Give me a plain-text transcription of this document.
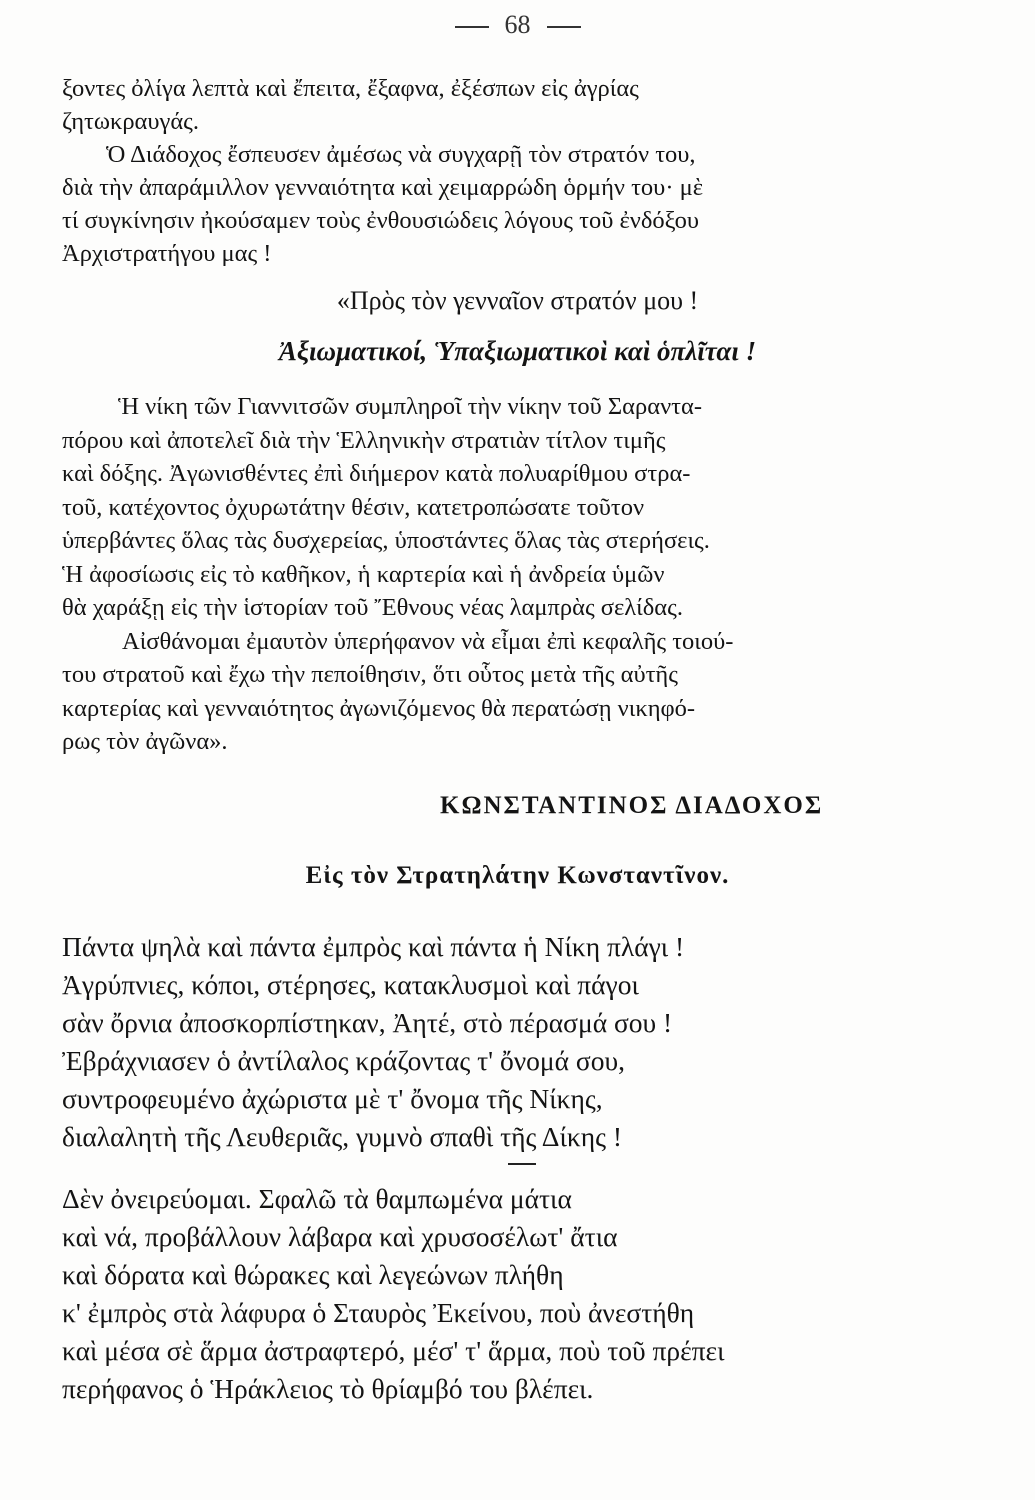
68

ξοντες ὀλίγα λεπτὰ καὶ ἔπειτα, ἔξαφνα, ἐξέσπων εἰς ἀγρίας
ζητωκραυγάς.

Ὁ Διάδοχος ἔσπευσεν ἀμέσως νὰ συγχαρῇ τὸν στρατόν του,
διὰ τὴν ἀπαράμιλλον γενναιότητα καὶ χειμαρρώδη ὁρμήν του· μὲ
τί συγκίνησιν ἠκούσαμεν τοὺς ἐνθουσιώδεις λόγους τοῦ ἐνδόξου
Ἀρχιστρατήγου μας !

«Πρὸς τὸν γενναῖον στρατόν μου !
Ἀξιωματικοί, Ὑπαξιωματικοὶ καὶ ὁπλῖται !
Ἡ νίκη τῶν Γιαννιτσῶν συμπληροῖ τὴν νίκην τοῦ Σαραντα-
πόρου καὶ ἀποτελεῖ διὰ τὴν Ἑλληνικὴν στρατιὰν τίτλον τιμῆς
καὶ δόξης. Ἀγωνισθέντες ἐπὶ διήμερον κατὰ πολυαρίθμου στρα-
τοῦ, κατέχοντος ὀχυρωτάτην θέσιν, κατετροπώσατε τοῦτον
ὑπερβάντες ὅλας τὰς δυσχερείας, ὑποστάντες ὅλας τὰς στερήσεις.
Ἡ ἀφοσίωσις εἰς τὸ καθῆκον, ἡ καρτερία καὶ ἡ ἀνδρεία ὑμῶν
θὰ χαράξῃ εἰς τὴν ἱστορίαν τοῦ Ἔθνους νέας λαμπρὰς σελίδας.
Αἰσθάνομαι ἐμαυτὸν ὑπερήφανον νὰ εἶμαι ἐπὶ κεφαλῆς τοιού-
του στρατοῦ καὶ ἔχω τὴν πεποίθησιν, ὅτι οὗτος μετὰ τῆς αὐτῆς
καρτερίας καὶ γενναιότητος ἀγωνιζόμενος θὰ περατώσῃ νικηφό-
ρως τὸν ἀγῶνα».
ΚΩΝΣΤΑΝΤΙΝΟΣ ΔΙΑΔΟΧΟΣ
Εἰς τὸν Στρατηλάτην Κωνσταντῖνον.
Πάντα ψηλὰ καὶ πάντα ἐμπρὸς καὶ πάντα ἡ Νίκη πλάγι !
Ἀγρύπνιες, κόποι, στέρησες, κατακλυσμοὶ καὶ πάγοι
σὰν ὄρνια ἀποσκορπίστηκαν, Ἀητέ, στὸ πέρασμά σου !
Ἐβράχνιασεν ὁ ἀντίλαλος κράζοντας τ' ὄνομά σου,
συντροφευμένο ἀχώριστα μὲ τ' ὄνομα τῆς Νίκης,
διαλαλητὴ τῆς Λευθεριᾶς, γυμνὸ σπαθὶ τῆς Δίκης !
Δὲν ὀνειρεύομαι. Σφαλῶ τὰ θαμπωμένα μάτια
καὶ νά, προβάλλουν λάβαρα καὶ χρυσοσέλωτ' ἄτια
καὶ δόρατα καὶ θώρακες καὶ λεγεώνων πλήθη
κ' ἐμπρὸς στὰ λάφυρα ὁ Σταυρὸς Ἐκείνου, ποὺ ἀνεστήθη
καὶ μέσα σὲ ἅρμα ἀστραφτερό, μέσ' τ' ἅρμα, ποὺ τοῦ πρέπει
περήφανος ὁ Ἡράκλειος τὸ θρίαμβό του βλέπει.
